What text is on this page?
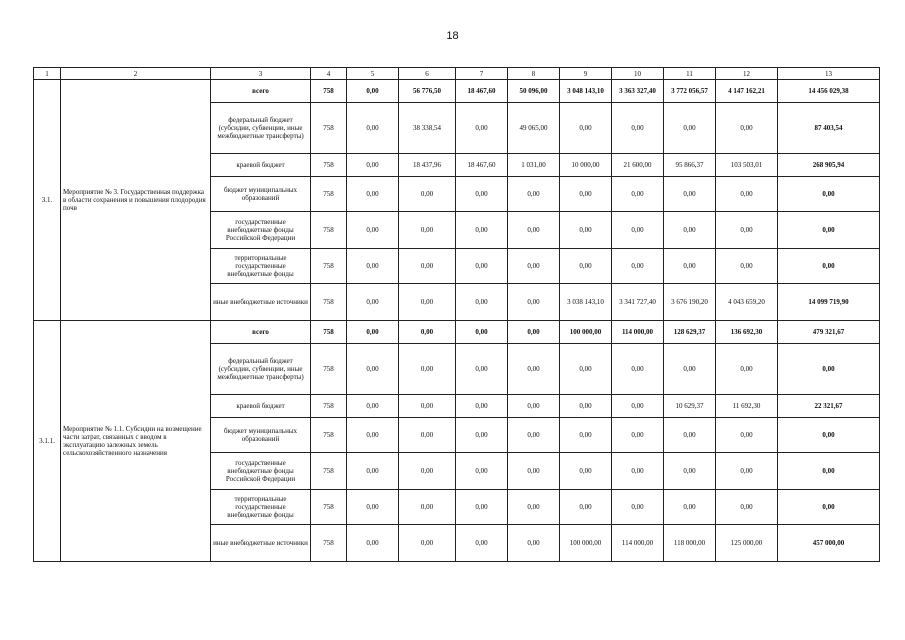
18
1	2	3	4	5	6	7	8	9	10	11	12	13
3.1.	Мероприятие № 3. Государственная поддержка в области сохранения и повышения плодородия почв	всего	758	0,00	56 776,50	18 467,60	50 096,00	3 048 143,10	3 363 327,40	3 772 056,57	4 147 162,21	14 456 029,38
		федеральный бюджет (субсидии, субвенции, иные межбюджетные трансферты)	758	0,00	38 338,54	0,00	49 065,00	0,00	0,00	0,00	0,00	87 403,54
		краевой бюджет	758	0,00	18 437,96	18 467,60	1 031,00	10 000,00	21 600,00	95 866,37	103 503,01	268 905,94
		бюджет муниципальных образований	758	0,00	0,00	0,00	0,00	0,00	0,00	0,00	0,00	0,00
		государственные внебюджетные фонды Российской Федерации	758	0,00	0,00	0,00	0,00	0,00	0,00	0,00	0,00	0,00
		территориальные государственные внебюджетные фонды	758	0,00	0,00	0,00	0,00	0,00	0,00	0,00	0,00	0,00
		иные внебюджетные источники	758	0,00	0,00	0,00	0,00	3 038 143,10	3 341 727,40	3 676 190,20	4 043 659,20	14 099 719,90
3.1.1.	Мероприятие № 1.1. Субсидии на возмещение части затрат, связанных с вводом в эксплуатацию залежных земель сельскохозяйственного назначения	всего	758	0,00	0,00	0,00	0,00	100 000,00	114 000,00	128 629,37	136 692,30	479 321,67
		федеральный бюджет (субсидии, субвенции, иные межбюджетные трансферты)	758	0,00	0,00	0,00	0,00	0,00	0,00	0,00	0,00	0,00
		краевой бюджет	758	0,00	0,00	0,00	0,00	0,00	0,00	10 629,37	11 692,30	22 321,67
		бюджет муниципальных образований	758	0,00	0,00	0,00	0,00	0,00	0,00	0,00	0,00	0,00
		государственные внебюджетные фонды Российской Федерации	758	0,00	0,00	0,00	0,00	0,00	0,00	0,00	0,00	0,00
		территориальные государственные внебюджетные фонды	758	0,00	0,00	0,00	0,00	0,00	0,00	0,00	0,00	0,00
		иные внебюджетные источники	758	0,00	0,00	0,00	0,00	100 000,00	114 000,00	118 000,00	125 000,00	457 000,00
